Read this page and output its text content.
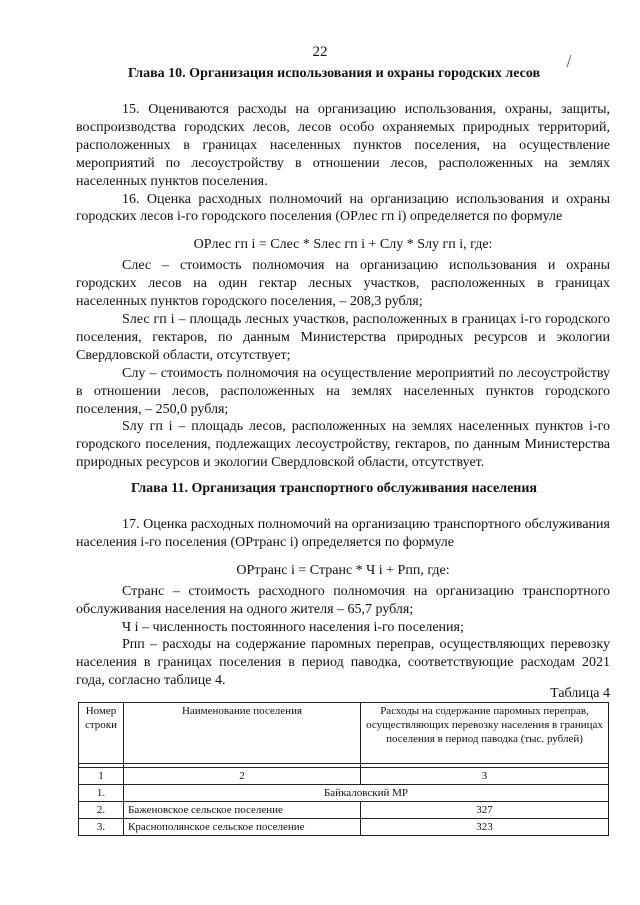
22
Глава 10. Организация использования и охраны городских лесов

15. Оцениваются расходы на организацию использования, охраны, защиты, воспроизводства городских лесов, лесов особо охраняемых природных территорий, расположенных в границах населенных пунктов поселения, на осуществление мероприятий по лесоустройству в отношении лесов, расположенных на землях населенных пунктов поселения.

16. Оценка расходных полномочий на организацию использования и охраны городских лесов i-го городского поселения (ОРлес гп i) определяется по формуле

ОРлес гп i = Слес * Sлес гп i + Слу * Sлу гп i, где:

Слес – стоимость полномочия на организацию использования и охраны городских лесов на один гектар лесных участков, расположенных в границах населенных пунктов городского поселения, – 208,3 рубля;

Sлес гп i – площадь лесных участков, расположенных в границах i-го городского поселения, гектаров, по данным Министерства природных ресурсов и экологии Свердловской области, отсутствует;

Слу – стоимость полномочия на осуществление мероприятий по лесоустройству в отношении лесов, расположенных на землях населенных пунктов городского поселения, – 250,0 рубля;

Sлу гп i – площадь лесов, расположенных на землях населенных пунктов i-го городского поселения, подлежащих лесоустройству, гектаров, по данным Министерства природных ресурсов и экологии Свердловской области, отсутствует.

Глава 11. Организация транспортного обслуживания населения

17. Оценка расходных полномочий на организацию транспортного обслуживания населения i-го поселения (ОРтранс i) определяется по формуле

ОРтранс i = Странс * Ч i + Рпп, где:

Странс – стоимость расходного полномочия на организацию транспортного обслуживания населения на одного жителя – 65,7 рубля;

Ч i – численность постоянного населения i-го поселения;

Рпп – расходы на содержание паромных переправ, осуществляющих перевозку населения в границах поселения в период паводка, соответствующие расходам 2021 года, согласно таблице 4.

Таблица 4
Номер строки	Наименование поселения	Расходы на содержание паромных переправ, осуществляющих перевозку населения в границах поселения в период паводка (тыс. рублей)

1	2	3
1.	Байкаловский МР	
2.	Баженовское сельское поселение	327
3.	Краснополянское сельское поселение	323
